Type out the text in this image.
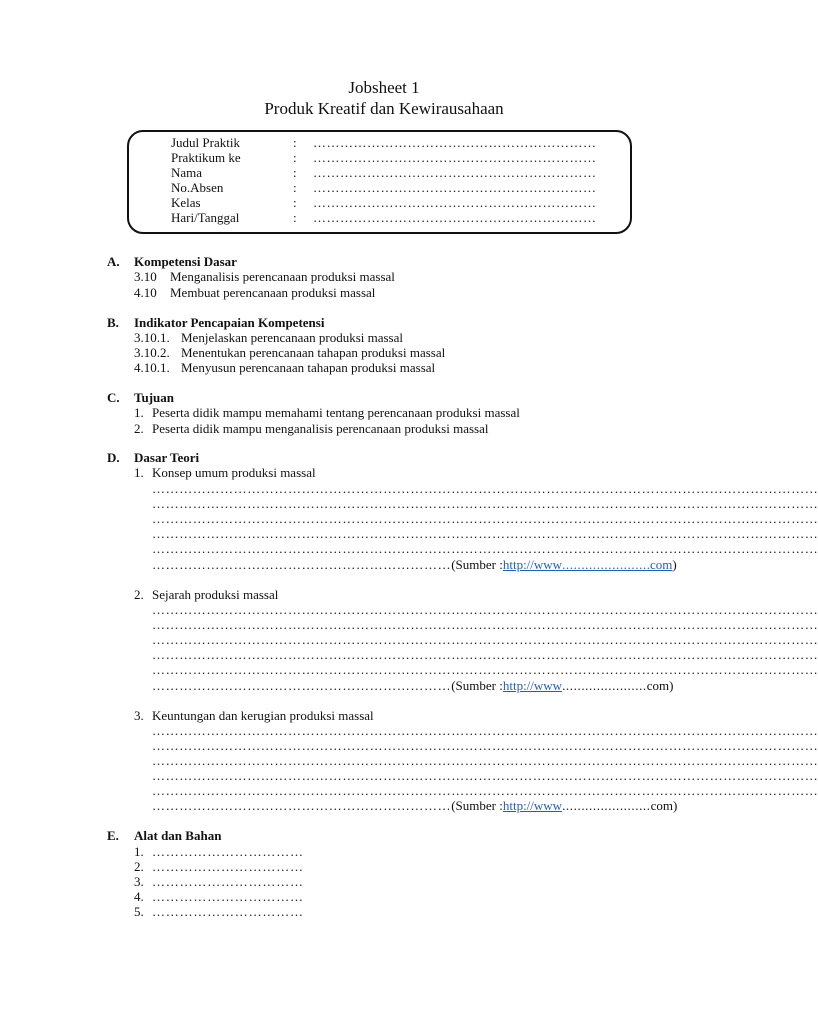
Jobsheet 1
Produk Kreatif dan Kewirausahaan
Judul Praktik	: ………………………………………………………
Praktikum ke	: ………………………………………………………
Nama	: ………………………………………………………
No.Absen	: ………………………………………………………
Kelas	: ………………………………………………………
Hari/Tanggal	: ………………………………………………………
A. Kompetensi Dasar
3.10 Menganalisis perencanaan produksi massal
4.10 Membuat perencanaan produksi massal
B. Indikator Pencapaian Kompetensi
3.10.1. Menjelaskan perencanaan produksi massal
3.10.2. Menentukan perencanaan tahapan produksi massal
4.10.1. Menyusun perencanaan tahapan produksi massal
C. Tujuan
1. Peserta didik mampu memahami tentang perencanaan produksi massal
2. Peserta didik mampu menganalisis perencanaan produksi massal
D. Dasar Teori
1. Konsep umum produksi massal
…………………………………………………………………………………………………………………………………
…………………………………………………………………………………………………………………………………
…………………………………………………………………………………………………………………………………
…………………………………………………………………………………………………………………………………
…………………………………………………………………………………………………………………………………
………………………………………………………… (Sumber : http://www ...................... .com )
2. Sejarah produksi massal
…………………………………………………………………………………………………………………………………
…………………………………………………………………………………………………………………………………
…………………………………………………………………………………………………………………………………
…………………………………………………………………………………………………………………………………
…………………………………………………………………………………………………………………………………
………………………………………………………… (Sumber : http://www ...................... com)
3. Keuntungan dan kerugian produksi massal
…………………………………………………………………………………………………………………………………
…………………………………………………………………………………………………………………………………
…………………………………………………………………………………………………………………………………
…………………………………………………………………………………………………………………………………
…………………………………………………………………………………………………………………………………
………………………………………………………… (Sumber : http://www ....................... com)
E. Alat dan Bahan
1. ……………………………
2. ……………………………
3. ……………………………
4. ……………………………
5. ……………………………
